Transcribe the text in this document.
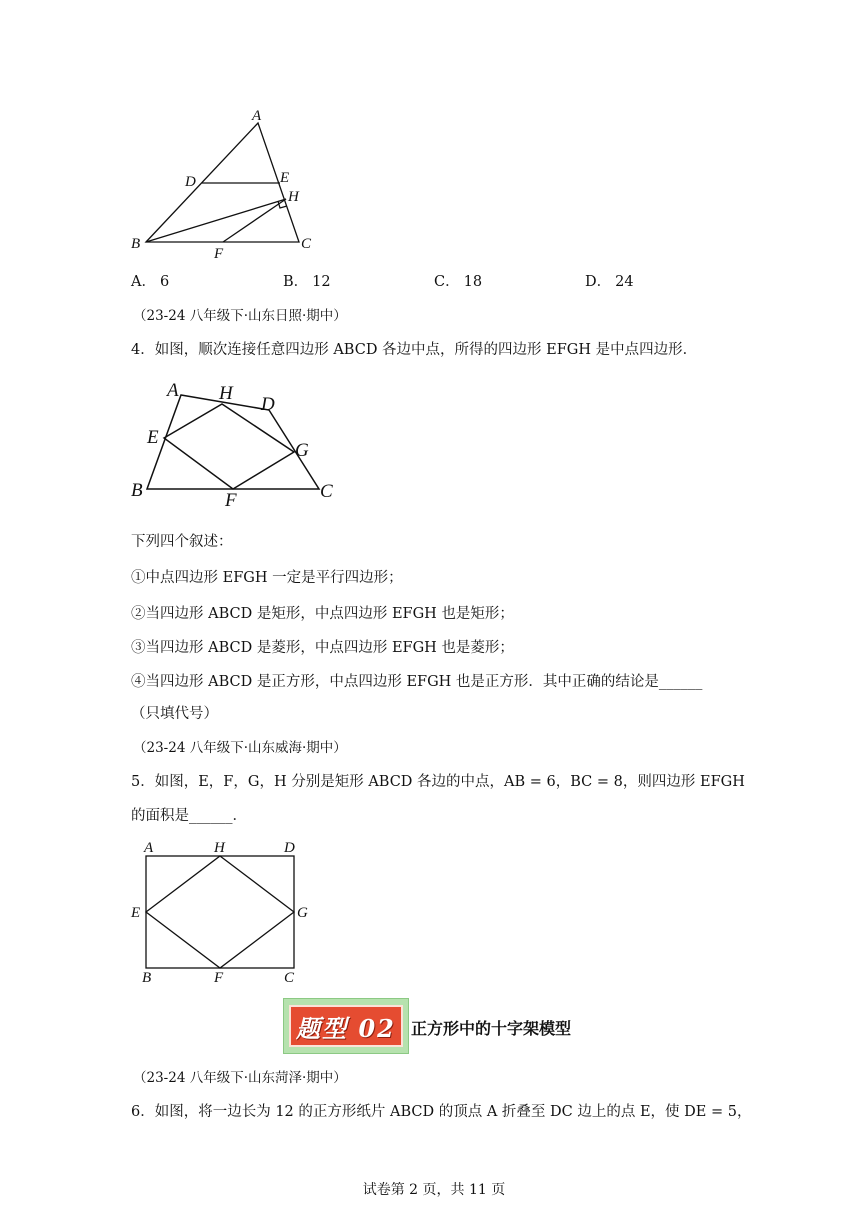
A
D	E
H
B
F
C
A． 6	B． 12	C． 18	D． 24
（23-24 八年级下·山东日照·期中）
4．如图，顺次连接任意四边形 ABCD 各边中点，所得的四边形 EFGH 是中点四边形．
A H
D
E
G
B	F	C
下列四个叙述：
①中点四边形 EFGH 一定是平行四边形；
②当四边形 ABCD 是矩形，中点四边形 EFGH 也是矩形；
③当四边形 ABCD 是菱形，中点四边形 EFGH 也是菱形；
④当四边形 ABCD 是正方形，中点四边形 EFGH 也是正方形．其中正确的结论是______
（只填代号）
（23-24 八年级下·山东威海·期中）
5．如图，E，F，G，H 分别是矩形 ABCD 各边的中点，AB = 6，BC = 8，则四边形 EFGH
的面积是______．
A	H	D
E	G
B	F	C
题型 02 正方形中的十字架模型
（23-24 八年级下·山东菏泽·期中）
6．如图，将一边长为 12 的正方形纸片 ABCD 的顶点 A 折叠至 DC 边上的点 E，使 DE = 5，
试卷第 2 页，共 11 页
